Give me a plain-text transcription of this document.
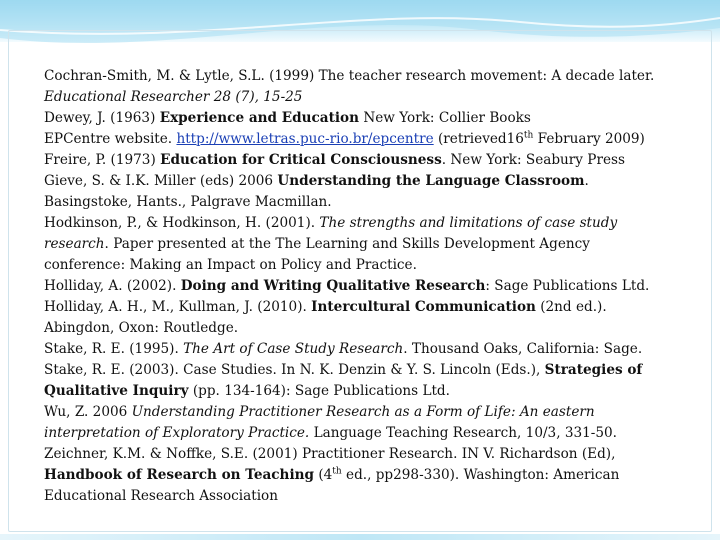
Cochran-Smith, M. & Lytle, S.L. (1999) The teacher research movement: A decade later.
Educational Researcher 28 (7), 15-25
Dewey, J. (1963) Experience and Education New York: Collier Books
EPCentre website. http://www.letras.puc-rio.br/epcentre (retrieved16th February 2009)
Freire, P. (1973) Education for Critical Consciousness. New York: Seabury Press
Gieve, S. & I.K. Miller (eds) 2006 Understanding the Language Classroom.
Basingstoke, Hants., Palgrave Macmillan.
Hodkinson, P., & Hodkinson, H. (2001). The strengths and limitations of case study
research. Paper presented at the The Learning and Skills Development Agency
conference: Making an Impact on Policy and Practice.
Holliday, A. (2002). Doing and Writing Qualitative Research: Sage Publications Ltd.
Holliday, A. H., M., Kullman, J. (2010). Intercultural Communication (2nd ed.).
Abingdon, Oxon: Routledge.
Stake, R. E. (1995). The Art of Case Study Research. Thousand Oaks, California: Sage.
Stake, R. E. (2003). Case Studies. In N. K. Denzin & Y. S. Lincoln (Eds.), Strategies of
Qualitative Inquiry (pp. 134-164): Sage Publications Ltd.
Wu, Z. 2006 Understanding Practitioner Research as a Form of Life: An eastern
interpretation of Exploratory Practice. Language Teaching Research, 10/3, 331-50.
Zeichner, K.M. & Noffke, S.E. (2001) Practitioner Research. IN V. Richardson (Ed),
Handbook of Research on Teaching (4th ed., pp298-330). Washington: American
Educational Research Association
